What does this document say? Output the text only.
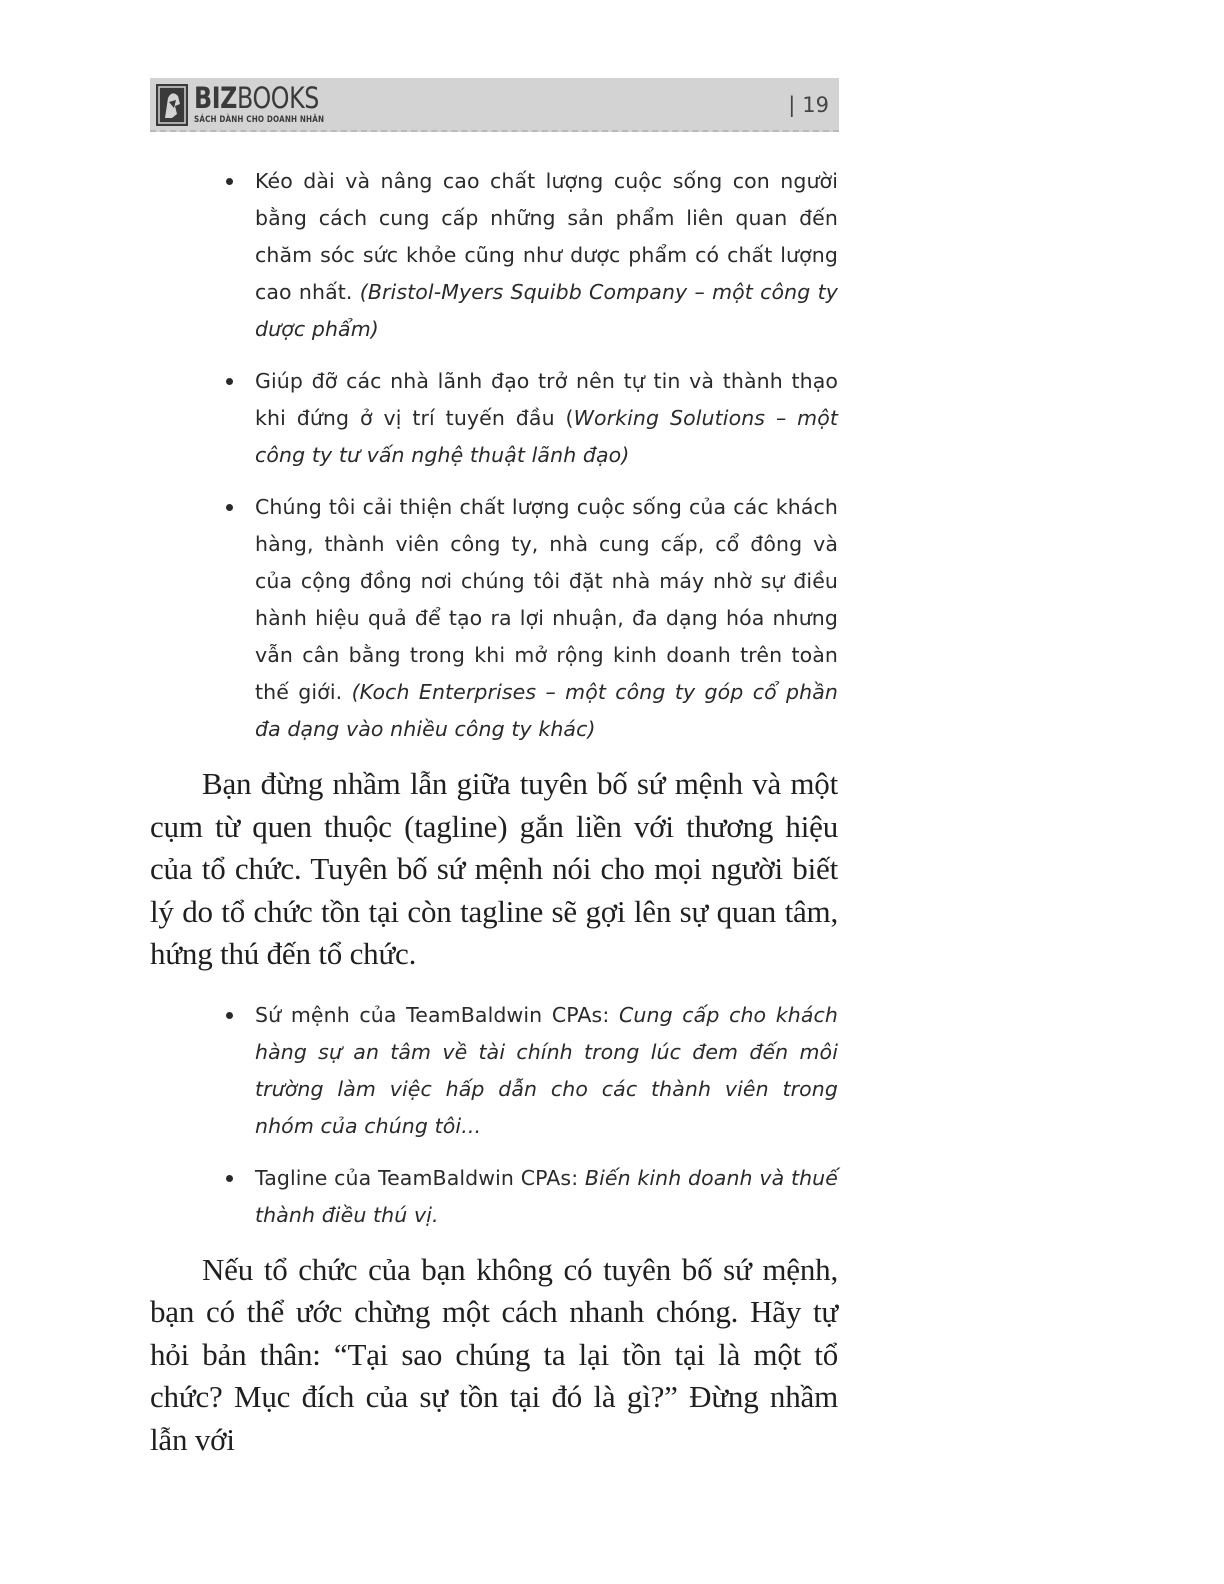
BIZBOOKS
SÁCH DÀNH CHO DOANH NHÂN
| 19
Kéo dài và nâng cao chất lượng cuộc sống con người bằng cách cung cấp những sản phẩm liên quan đến chăm sóc sức khỏe cũng như dược phẩm có chất lượng cao nhất. (Bristol-Myers Squibb Company – một công ty dược phẩm)
Giúp đỡ các nhà lãnh đạo trở nên tự tin và thành thạo khi đứng ở vị trí tuyến đầu (Working Solutions – một công ty tư vấn nghệ thuật lãnh đạo)
Chúng tôi cải thiện chất lượng cuộc sống của các khách hàng, thành viên công ty, nhà cung cấp, cổ đông và của cộng đồng nơi chúng tôi đặt nhà máy nhờ sự điều hành hiệu quả để tạo ra lợi nhuận, đa dạng hóa nhưng vẫn cân bằng trong khi mở rộng kinh doanh trên toàn thế giới. (Koch Enterprises – một công ty góp cổ phần đa dạng vào nhiều công ty khác)

Bạn đừng nhầm lẫn giữa tuyên bố sứ mệnh và một cụm từ quen thuộc (tagline) gắn liền với thương hiệu của tổ chức. Tuyên bố sứ mệnh nói cho mọi người biết lý do tổ chức tồn tại còn tagline sẽ gợi lên sự quan tâm, hứng thú đến tổ chức.

Sứ mệnh của TeamBaldwin CPAs: Cung cấp cho khách hàng sự an tâm về tài chính trong lúc đem đến môi trường làm việc hấp dẫn cho các thành viên trong nhóm của chúng tôi...
Tagline của TeamBaldwin CPAs: Biến kinh doanh và thuế thành điều thú vị.

Nếu tổ chức của bạn không có tuyên bố sứ mệnh, bạn có thể ước chừng một cách nhanh chóng. Hãy tự hỏi bản thân: “Tại sao chúng ta lại tồn tại là một tổ chức? Mục đích của sự tồn tại đó là gì?” Đừng nhầm lẫn với
